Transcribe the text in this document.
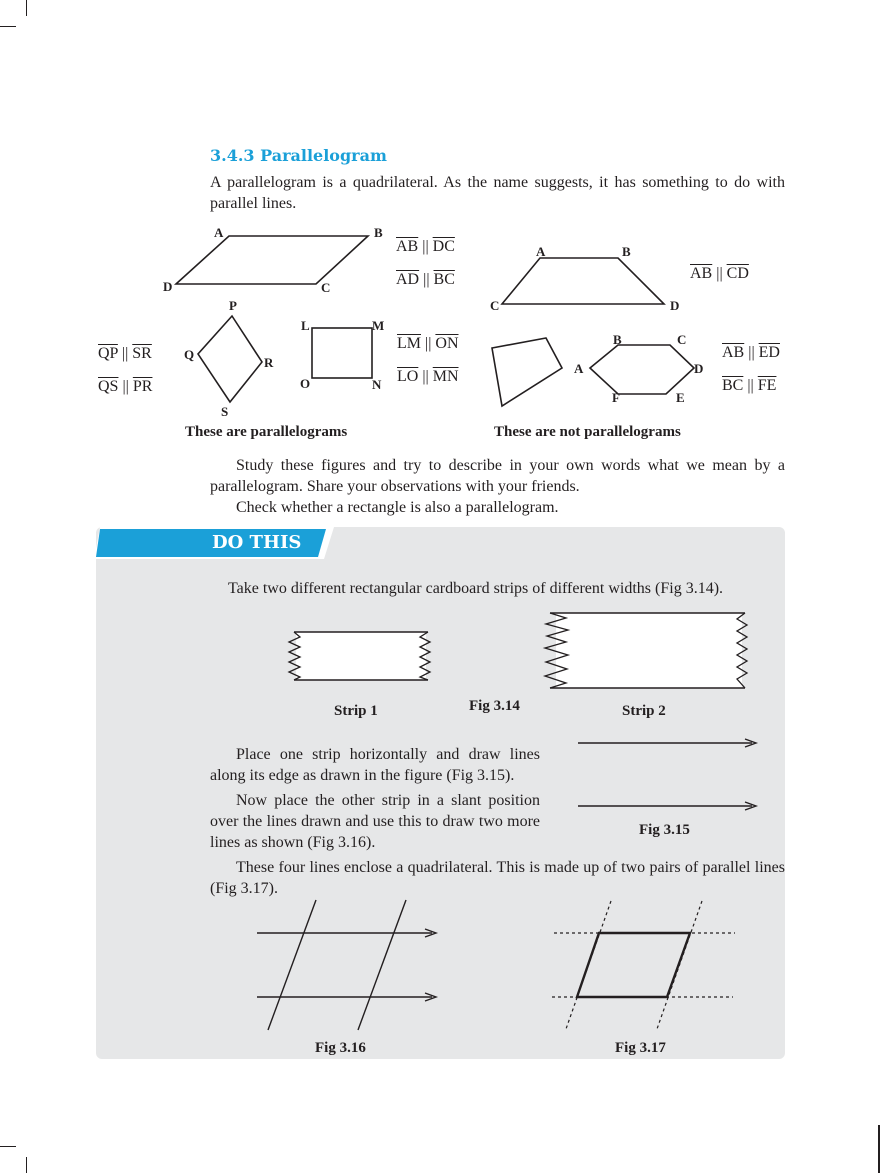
3.4.3 Parallelogram
A parallelogram is a quadrilateral. As the name suggests, it has something to do with parallel lines.
A	B
C
D
$\overline{AB}$ || $\overline{DC}$
$\overline{AD}$ || $\overline{BC}$
P
Q
R
S
$\overline{QP}$ || $\overline{SR}$
$\overline{QS}$ || $\overline{PR}$
L	M
N
O
$\overline{LM}$ || $\overline{ON}$
$\overline{LO}$ || $\overline{MN}$
A	B
C	D
$\overline{AB}$ || $\overline{CD}$
A
B	C
D
E
F
$\overline{AB}$ || $\overline{ED}$
$\overline{BC}$ || $\overline{FE}$
These are parallelograms	These are not parallelograms
Study these figures and try to describe in your own words what we mean by a parallelogram. Share your observations with your friends.
Check whether a rectangle is also a parallelogram.
DO THIS
Take two different rectangular cardboard strips of different widths (Fig 3.14).
Strip 1	Fig 3.14	Strip 2
Place one strip horizontally and draw lines along its edge as drawn in the figure (Fig 3.15).
Now place the other strip in a slant position over the lines drawn and use this to draw two more lines as shown (Fig 3.16).
Fig 3.15
These four lines enclose a quadrilateral. This is made up of two pairs of parallel lines (Fig 3.17).
Fig 3.16	Fig 3.17
